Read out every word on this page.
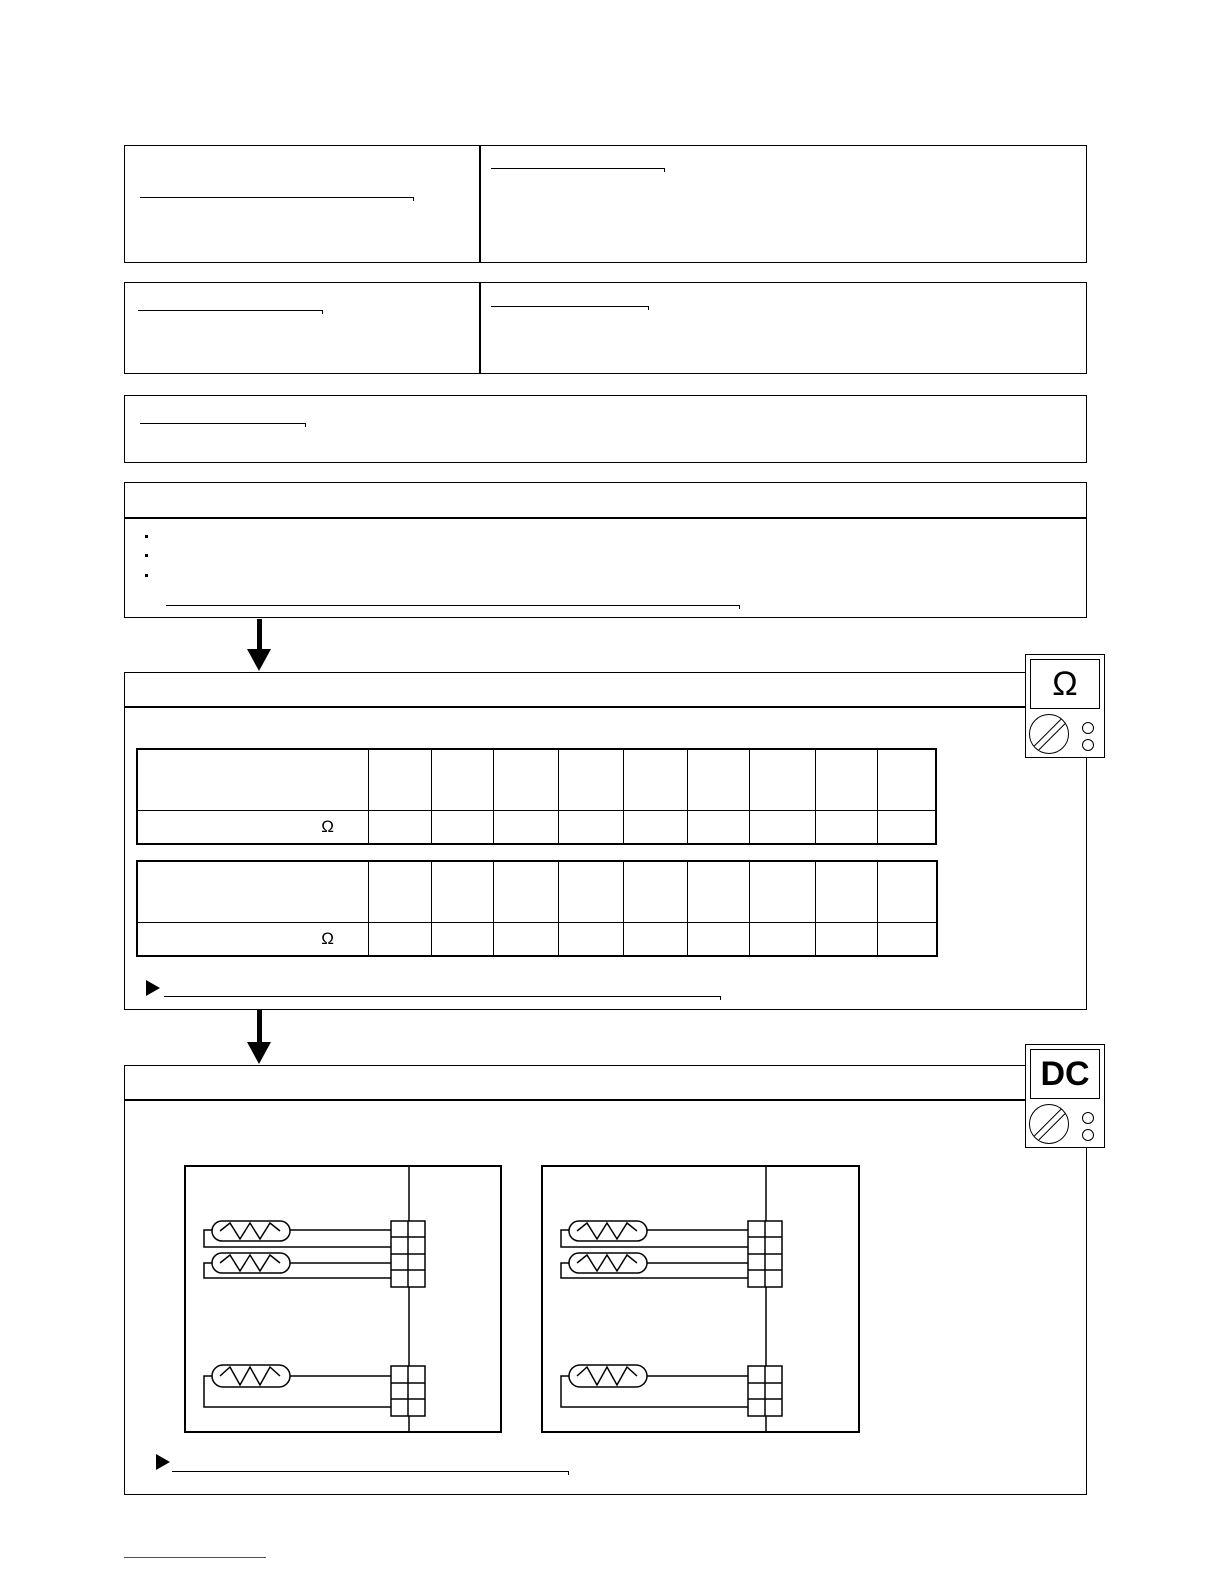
Ω									

Ω									
Ω
DC
